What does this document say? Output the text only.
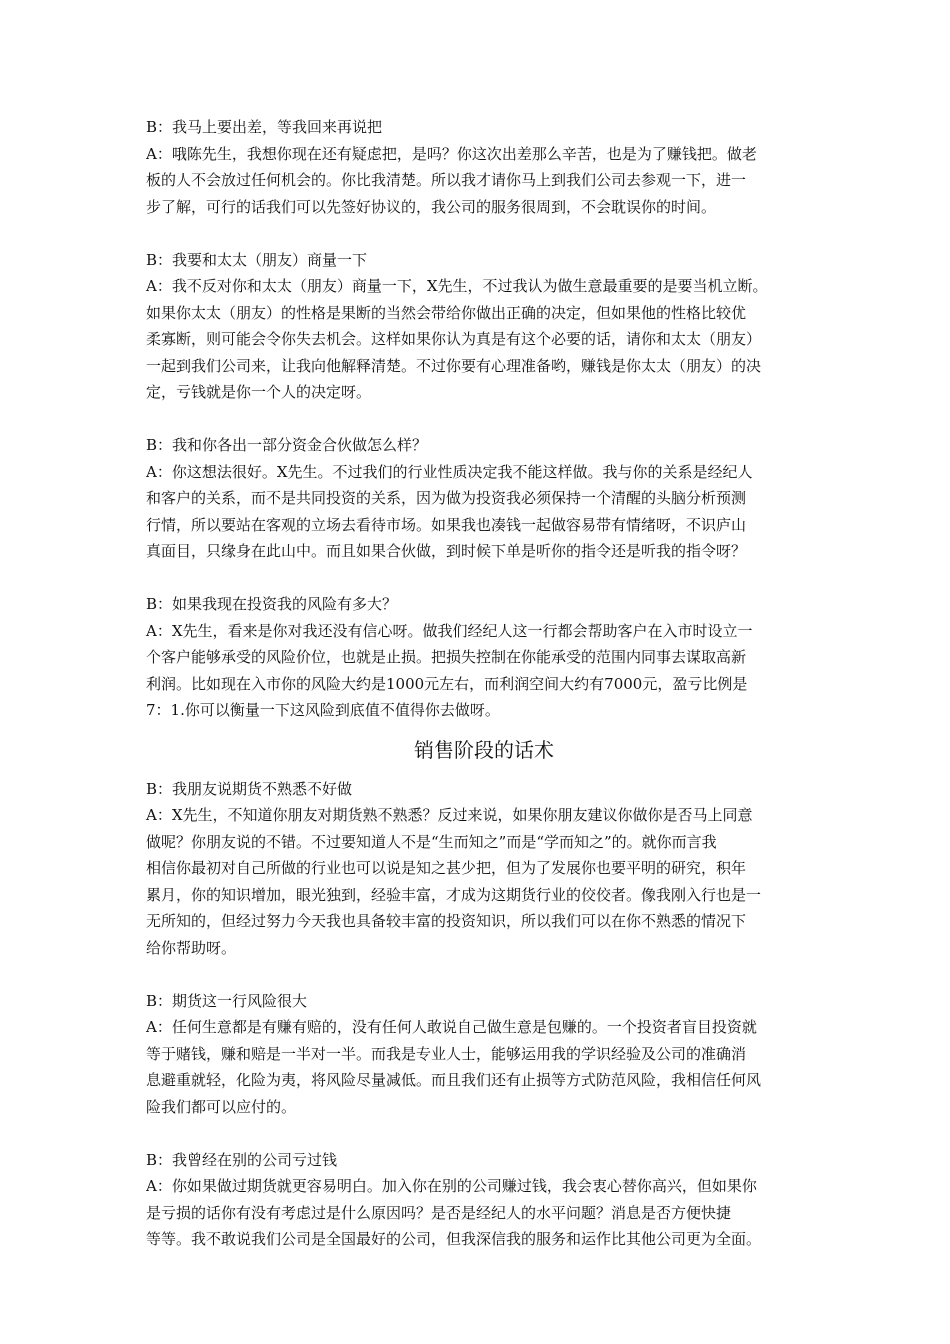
B：我马上要出差，等我回来再说把
A：哦陈先生，我想你现在还有疑虑把，是吗？你这次出差那么辛苦，也是为了赚钱把。做老
板的人不会放过任何机会的。你比我清楚。所以我才请你马上到我们公司去参观一下，进一
步了解，可行的话我们可以先签好协议的，我公司的服务很周到，不会耽误你的时间。
B：我要和太太（朋友）商量一下
A：我不反对你和太太（朋友）商量一下，X先生，不过我认为做生意最重要的是要当机立断。
如果你太太（朋友）的性格是果断的当然会带给你做出正确的决定，但如果他的性格比较优
柔寡断，则可能会令你失去机会。这样如果你认为真是有这个必要的话，请你和太太（朋友）
一起到我们公司来，让我向他解释清楚。不过你要有心理准备哟，赚钱是你太太（朋友）的决
定，亏钱就是你一个人的决定呀。
B：我和你各出一部分资金合伙做怎么样？
A：你这想法很好。X先生。不过我们的行业性质决定我不能这样做。我与你的关系是经纪人
和客户的关系，而不是共同投资的关系，因为做为投资我必须保持一个清醒的头脑分析预测
行情，所以要站在客观的立场去看待市场。如果我也凑钱一起做容易带有情绪呀，不识庐山
真面目，只缘身在此山中。而且如果合伙做，到时候下单是听你的指令还是听我的指令呀？
B：如果我现在投资我的风险有多大？
A：X先生，看来是你对我还没有信心呀。做我们经纪人这一行都会帮助客户在入市时设立一
个客户能够承受的风险价位，也就是止损。把损失控制在你能承受的范围内同事去谋取高新
利润。比如现在入市你的风险大约是1000元左右，而利润空间大约有7000元，盈亏比例是
7：1.你可以衡量一下这风险到底值不值得你去做呀。
销售阶段的话术
B：我朋友说期货不熟悉不好做
A：X先生，不知道你朋友对期货熟不熟悉？反过来说，如果你朋友建议你做你是否马上同意
做呢？你朋友说的不错。不过要知道人不是“生而知之”而是“学而知之”的。就你而言我
相信你最初对自己所做的行业也可以说是知之甚少把，但为了发展你也要平明的研究，积年
累月，你的知识增加，眼光独到，经验丰富，才成为这期货行业的佼佼者。像我刚入行也是一
无所知的，但经过努力今天我也具备较丰富的投资知识，所以我们可以在你不熟悉的情况下
给你帮助呀。
B：期货这一行风险很大
A：任何生意都是有赚有赔的，没有任何人敢说自己做生意是包赚的。一个投资者盲目投资就
等于赌钱，赚和赔是一半对一半。而我是专业人士，能够运用我的学识经验及公司的准确消
息避重就轻，化险为夷，将风险尽量减低。而且我们还有止损等方式防范风险，我相信任何风
险我们都可以应付的。
B：我曾经在别的公司亏过钱
A：你如果做过期货就更容易明白。加入你在别的公司赚过钱，我会衷心替你高兴，但如果你
是亏损的话你有没有考虑过是什么原因吗？是否是经纪人的水平问题？消息是否方便快捷
等等。我不敢说我们公司是全国最好的公司，但我深信我的服务和运作比其他公司更为全面。
